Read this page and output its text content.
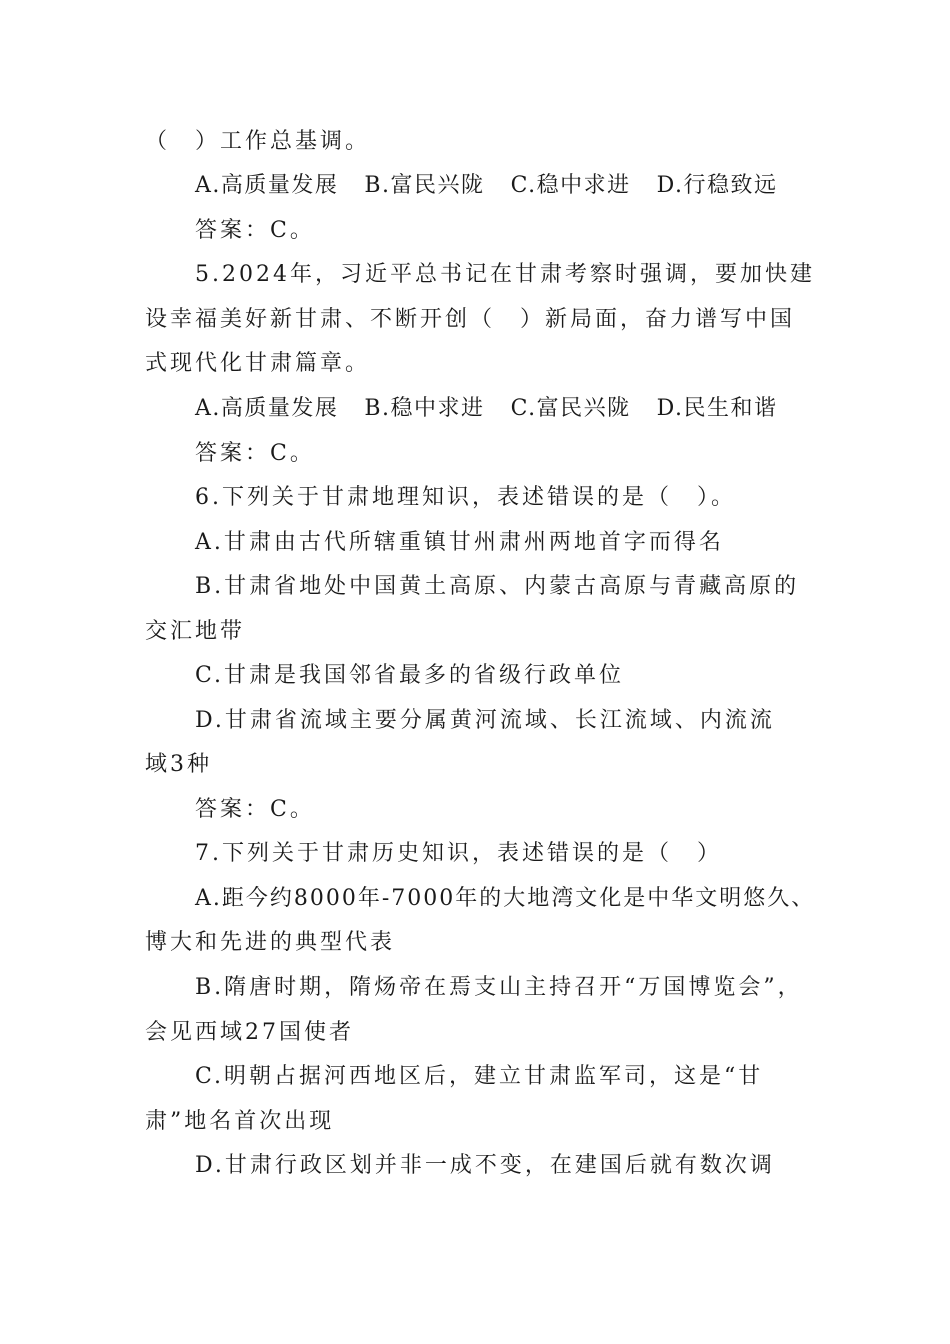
（　）工作总基调。
A.高质量发展 B.富民兴陇 C.稳中求进 D.行稳致远
答案：C。
5.2024年，习近平总书记在甘肃考察时强调，要加快建
设幸福美好新甘肃、不断开创（　）新局面，奋力谱写中国
式现代化甘肃篇章。
A.高质量发展 B.稳中求进 C.富民兴陇 D.民生和谐
答案：C。
6.下列关于甘肃地理知识，表述错误的是（　）。
A.甘肃由古代所辖重镇甘州肃州两地首字而得名
B.甘肃省地处中国黄土高原、内蒙古高原与青藏高原的
交汇地带
C.甘肃是我国邻省最多的省级行政单位
D.甘肃省流域主要分属黄河流域、长江流域、内流流
域3种
答案：C。
7.下列关于甘肃历史知识，表述错误的是（　）
A.距今约8000年-7000年的大地湾文化是中华文明悠久、
博大和先进的典型代表
B.隋唐时期，隋炀帝在焉支山主持召开“万国博览会”，
会见西域27国使者
C.明朝占据河西地区后，建立甘肃监军司，这是“甘
肃”地名首次出现
D.甘肃行政区划并非一成不变，在建国后就有数次调
